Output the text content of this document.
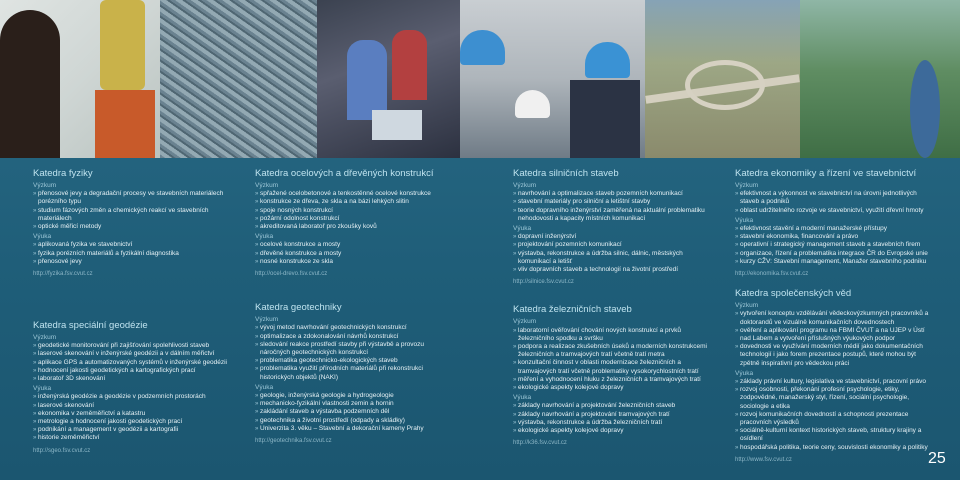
Katedra fyziky
Výzkum
» přenosové jevy a degradační procesy ve stavebních materiálech porézního typu
» studium fázových změn a chemických reakcí ve stavebních materiálech
» optické měřicí metody
Výuka
» aplikovaná fyzika ve stavebnictví
» fyzika porézních materiálů a fyzikální diagnostika
» přenosové jevy
http://fyzika.fsv.cvut.cz
Katedra speciální geodézie
Výzkum
» geodetické monitorování při zajišťování spolehlivosti staveb
» laserové skenování v inženýrské geodézii a v dálním měřictví
» aplikace GPS a automatizovaných systémů v inženýrské geodézii
» hodnocení jakosti geodetických a kartografických prací
» laboratoř 3D skenování
Výuka
» inženýrská geodézie a geodézie v podzemních prostorách
» laserové skenování
» ekonomika v zeměměřictví a katastru
» metrologie a hodnocení jakosti geodetických prací
» podnikání a management v geodézii a kartografii
» historie zeměměřictví
http://sgeo.fsv.cvut.cz
Katedra ocelových a dřevěných konstrukcí
Výzkum
» spřažené ocelobetonové a tenkostěnné ocelové konstrukce
» konstrukce ze dřeva, ze skla a na bázi lehkých slitin
» spoje nosných konstrukcí
» požární odolnost konstrukcí
» akreditovaná laboratoř pro zkoušky kovů
Výuka
» ocelové konstrukce a mosty
» dřevěné konstrukce a mosty
» nosné konstrukce ze skla
http://ocel-drevo.fsv.cvut.cz
Katedra geotechniky
Výzkum
» vývoj metod navrhování geotechnických konstrukcí
» optimalizace a zdokonalování návrhů konstrukcí
» sledování reakce prostředí stavby při výstavbě a provozu náročných geotechnických konstrukcí
» problematika geotechnicko-ekologických staveb
» problematika využití přírodních materiálů při rekonstrukci historických objektů (NAKI)
Výuka
» geologie, inženýrská geologie a hydrogeologie
» mechanicko-fyzikální vlastnosti zemin a hornin
» zakládání staveb a výstavba podzemních děl
» geotechnika a životní prostředí (odpady a skládky)
» Univerzita 3. věku – Stavební a dekorační kameny Prahy
http://geotechnika.fsv.cvut.cz
Katedra silničních staveb
Výzkum
» navrhování a optimalizace staveb pozemních komunikací
» stavební materiály pro silniční a letištní stavby
» teorie dopravního inženýrství zaměřená na aktuální problematiku nehodovosti a kapacity místních komunikací
Výuka
» dopravní inženýrství
» projektování pozemních komunikací
» výstavba, rekonstrukce a údržba silnic, dálnic, městských komunikací a letišť
» vliv dopravních staveb a technologií na životní prostředí
http://silnice.fsv.cvut.cz
Katedra železničních staveb
Výzkum
» laboratorní ověřování chování nových konstrukcí a prvků železničního spodku a svršku
» podpora a realizace zkušebních úseků a moderních konstrukcemi železničních a tramvajových tratí včetně tratí metra
» konzultační činnost v oblasti modernizace železničních a tramvajových tratí včetně problematiky vysokorychlostních tratí
» měření a vyhodnocení hluku z železničních a tramvajových tratí
» ekologické aspekty kolejové dopravy
Výuka
» základy navrhování a projektování železničních staveb
» základy navrhování a projektování tramvajových tratí
» výstavba, rekonstrukce a údržba železničních tratí
» ekologické aspekty kolejové dopravy
http://k36.fsv.cvut.cz
Katedra ekonomiky a řízení ve stavebnictví
Výzkum
» efektivnost a výkonnost ve stavebnictví na úrovni jednotlivých staveb a podniků
» oblast udržitelného rozvoje ve stavebnictví, využití dřevní hmoty
Výuka
» efektivnost stavění a moderní manažerské přístupy
» stavební ekonomika, financování a právo
» operativní i strategický management staveb a stavebních firem
» organizace, řízení a problematika integrace ČR do Evropské unie
» kurzy CŽV: Stavební management, Manažer stavebního podniku
http://ekonomika.fsv.cvut.cz
Katedra společenských věd
Výzkum
» vytvoření konceptu vzdělávání vědeckovýzkumných pracovníků a doktorandů ve vizuálně komunikačních dovednostech
» ověření a aplikování programu na FBMI ČVUT a na UJEP v Ústí nad Labem a vytvoření příslušných výukových podpor
» dovednosti ve využívání moderních médií jako dokumentačních technologií i jako forem prezentace postupů, které mohou být zpětně inspirativní pro vědeckou práci
Výuka
» základy právní kultury, legislativa ve stavebnictví, pracovní právo
» rozvoj osobnosti, překonání profesní psychologie, etiky, zodpovědné, manažerský styl, řízení, sociální psychologie, sociologie a etika
» rozvoj komunikačních dovedností a schopnosti prezentace pracovních výsledků
» sociálně-kulturní kontext historických staveb, struktury krajiny a osídlení
» hospodářská politika, teorie ceny, souvislosti ekonomiky a politiky
http://www.fsv.cvut.cz	25
